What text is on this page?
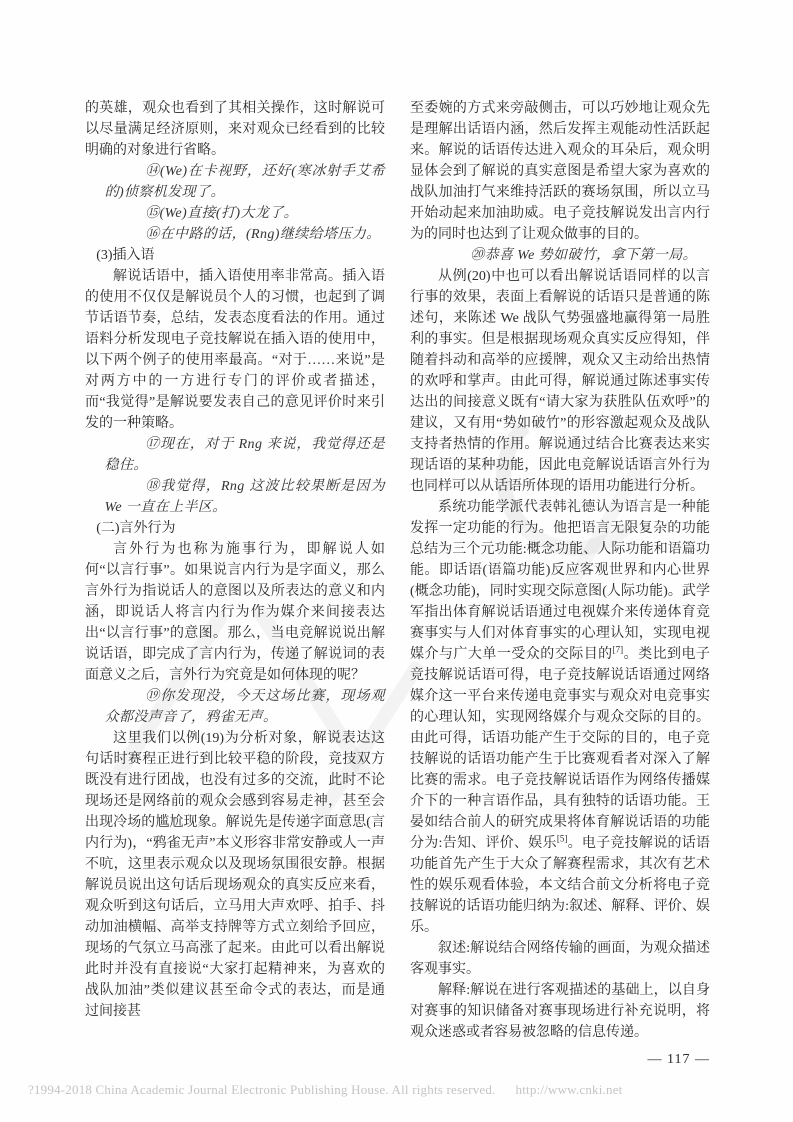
的英雄，观众也看到了其相关操作，这时解说可以尽量满足经济原则，来对观众已经看到的比较明确的对象进行省略。

⑭(We)在卡视野，还好(寒冰射手艾希的)侦察机发现了。

⑮(We)直接(打)大龙了。

⑯在中路的话，(Rng)继续给塔压力。

(3)插入语

解说话语中，插入语使用率非常高。插入语的使用不仅仅是解说员个人的习惯，也起到了调节话语节奏，总结，发表态度看法的作用。通过语料分析发现电子竞技解说在插入语的使用中，以下两个例子的使用率最高。“对于……来说”是对两方中的一方进行专门的评价或者描述，而“我觉得”是解说要发表自己的意见评价时来引发的一种策略。

⑰现在，对于 Rng 来说，我觉得还是稳住。

⑱我觉得，Rng 这波比较果断是因为 We 一直在上半区。

(二)言外行为

言外行为也称为施事行为，即解说人如何“以言行事”。如果说言内行为是字面义，那么言外行为指说话人的意图以及所表达的意义和内涵，即说话人将言内行为作为媒介来间接表达出“以言行事”的意图。那么，当电竞解说说出解说话语，即完成了言内行为，传递了解说词的表面意义之后，言外行为究竟是如何体现的呢？

⑲你发现没，今天这场比赛，现场观众都没声音了，鸦雀无声。

这里我们以例(19)为分析对象，解说表达这句话时赛程正进行到比较平稳的阶段，竞技双方既没有进行团战，也没有过多的交流，此时不论现场还是网络前的观众会感到容易走神，甚至会出现冷场的尴尬现象。解说先是传递字面意思(言内行为)，“鸦雀无声”本义形容非常安静或人一声不吭，这里表示观众以及现场氛围很安静。根据解说员说出这句话后现场观众的真实反应来看，观众听到这句话后，立马用大声欢呼、拍手、抖动加油横幅、高举支持牌等方式立刻给予回应，现场的气氛立马高涨了起来。由此可以看出解说此时并没有直接说“大家打起精神来，为喜欢的战队加油”类似建议甚至命令式的表达，而是通过间接甚

至委婉的方式来旁敲侧击，可以巧妙地让观众先是理解出话语内涵，然后发挥主观能动性活跃起来。解说的话语传达进入观众的耳朵后，观众明显体会到了解说的真实意图是希望大家为喜欢的战队加油打气来维持活跃的赛场氛围，所以立马开始动起来加油助威。电子竞技解说发出言内行为的同时也达到了让观众做事的目的。

⑳恭喜 We 势如破竹，拿下第一局。

从例(20)中也可以看出解说话语同样的以言行事的效果，表面上看解说的话语只是普通的陈述句，来陈述 We 战队气势强盛地赢得第一局胜利的事实。但是根据现场观众真实反应得知，伴随着抖动和高举的应援牌，观众又主动给出热情的欢呼和掌声。由此可得，解说通过陈述事实传达出的间接意义既有“请大家为获胜队伍欢呼”的建议，又有用“势如破竹”的形容激起观众及战队支持者热情的作用。解说通过结合比赛表达来实现话语的某种功能，因此电竞解说话语言外行为也同样可以从话语所体现的语用功能进行分析。

系统功能学派代表韩礼德认为语言是一种能发挥一定功能的行为。他把语言无限复杂的功能总结为三个元功能:概念功能、人际功能和语篇功能。即话语(语篇功能)反应客观世界和内心世界(概念功能)，同时实现交际意图(人际功能)。武学军指出体育解说话语通过电视媒介来传递体育竞赛事实与人们对体育事实的心理认知，实现电视媒介与广大单一受众的交际目的[7]。类比到电子竞技解说话语可得，电子竞技解说话语通过网络媒介这一平台来传递电竞事实与观众对电竞事实的心理认知，实现网络媒介与观众交际的目的。由此可得，话语功能产生于交际的目的，电子竞技解说的话语功能产生于比赛观看者对深入了解比赛的需求。电子竞技解说话语作为网络传播媒介下的一种言语作品，具有独特的话语功能。王晏如结合前人的研究成果将体育解说话语的功能分为:告知、评价、娱乐[5]。电子竞技解说的话语功能首先产生于大众了解赛程需求，其次有艺术性的娱乐观看体验，本文结合前文分析将电子竞技解说的话语功能归纳为:叙述、解释、评价、娱乐。

叙述:解说结合网络传输的画面，为观众描述客观事实。

解释:解说在进行客观描述的基础上，以自身对赛事的知识储备对赛事现场进行补充说明，将观众迷惑或者容易被忽略的信息传递。

— 117 —

?1994-2018 China Academic Journal Electronic Publishing House. All rights reserved. http://www.cnki.net
